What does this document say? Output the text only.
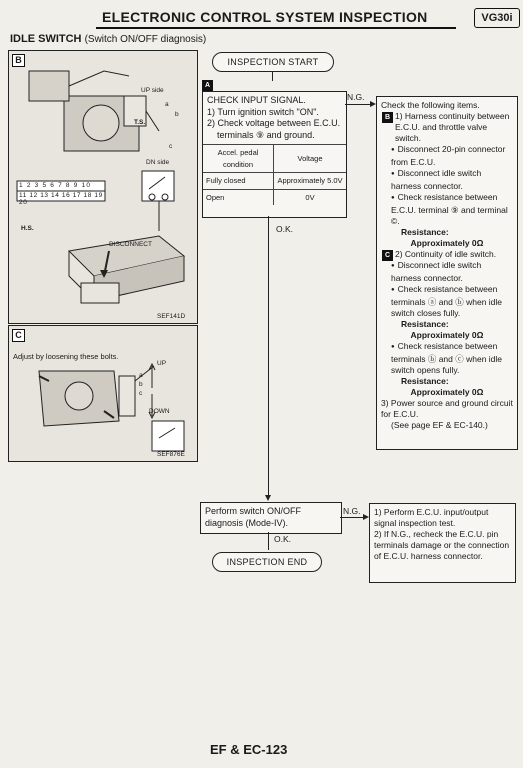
ELECTRONIC CONTROL SYSTEM INSPECTION	VG30i
IDLE SWITCH (Switch ON/OFF diagnosis)
B
UP side
DN side
T.S.
H.S.
DISCONNECT
1 2 3 5 6 7 8 9 10
11 12 13 14 16 17 18 19 20
a
b
c
SEF141D
C
Adjust by loosening these bolts.
UP
DOWN
a
b
c
SEF876E
INSPECTION START
A
CHECK INPUT SIGNAL.
1) Turn ignition switch "ON".
2) Check voltage between E.C.U.
terminals ⑨ and ground.
Accel. pedal condition	Voltage
Fully closed	Approximately 5.0V
Open	0V
N.G.
Check the following items.
B 1) Harness continuity between E.C.U. and throttle valve switch.
● Disconnect 20-pin connector from E.C.U.
● Disconnect idle switch harness connector.
● Check resistance between E.C.U. terminal ⑨ and terminal ©.
Resistance:
Approximately 0Ω
C 2) Continuity of idle switch.
● Disconnect idle switch harness connector.
● Check resistance between terminals ⓐ and ⓑ when idle switch closes fully.
Resistance:
Approximately 0Ω
● Check resistance between terminals ⓑ and ⓒ when idle switch opens fully.
Resistance:
Approximately 0Ω
3) Power source and ground circuit for E.C.U.
(See page EF & EC-140.)
O.K.
Perform switch ON/OFF diagnosis (Mode-IV).
N.G. 1) Perform E.C.U. input/output signal inspection test.
2) If N.G., recheck the E.C.U. pin terminals damage or the connection of E.C.U. harness connector.
O.K.
INSPECTION END
EF & EC-123
